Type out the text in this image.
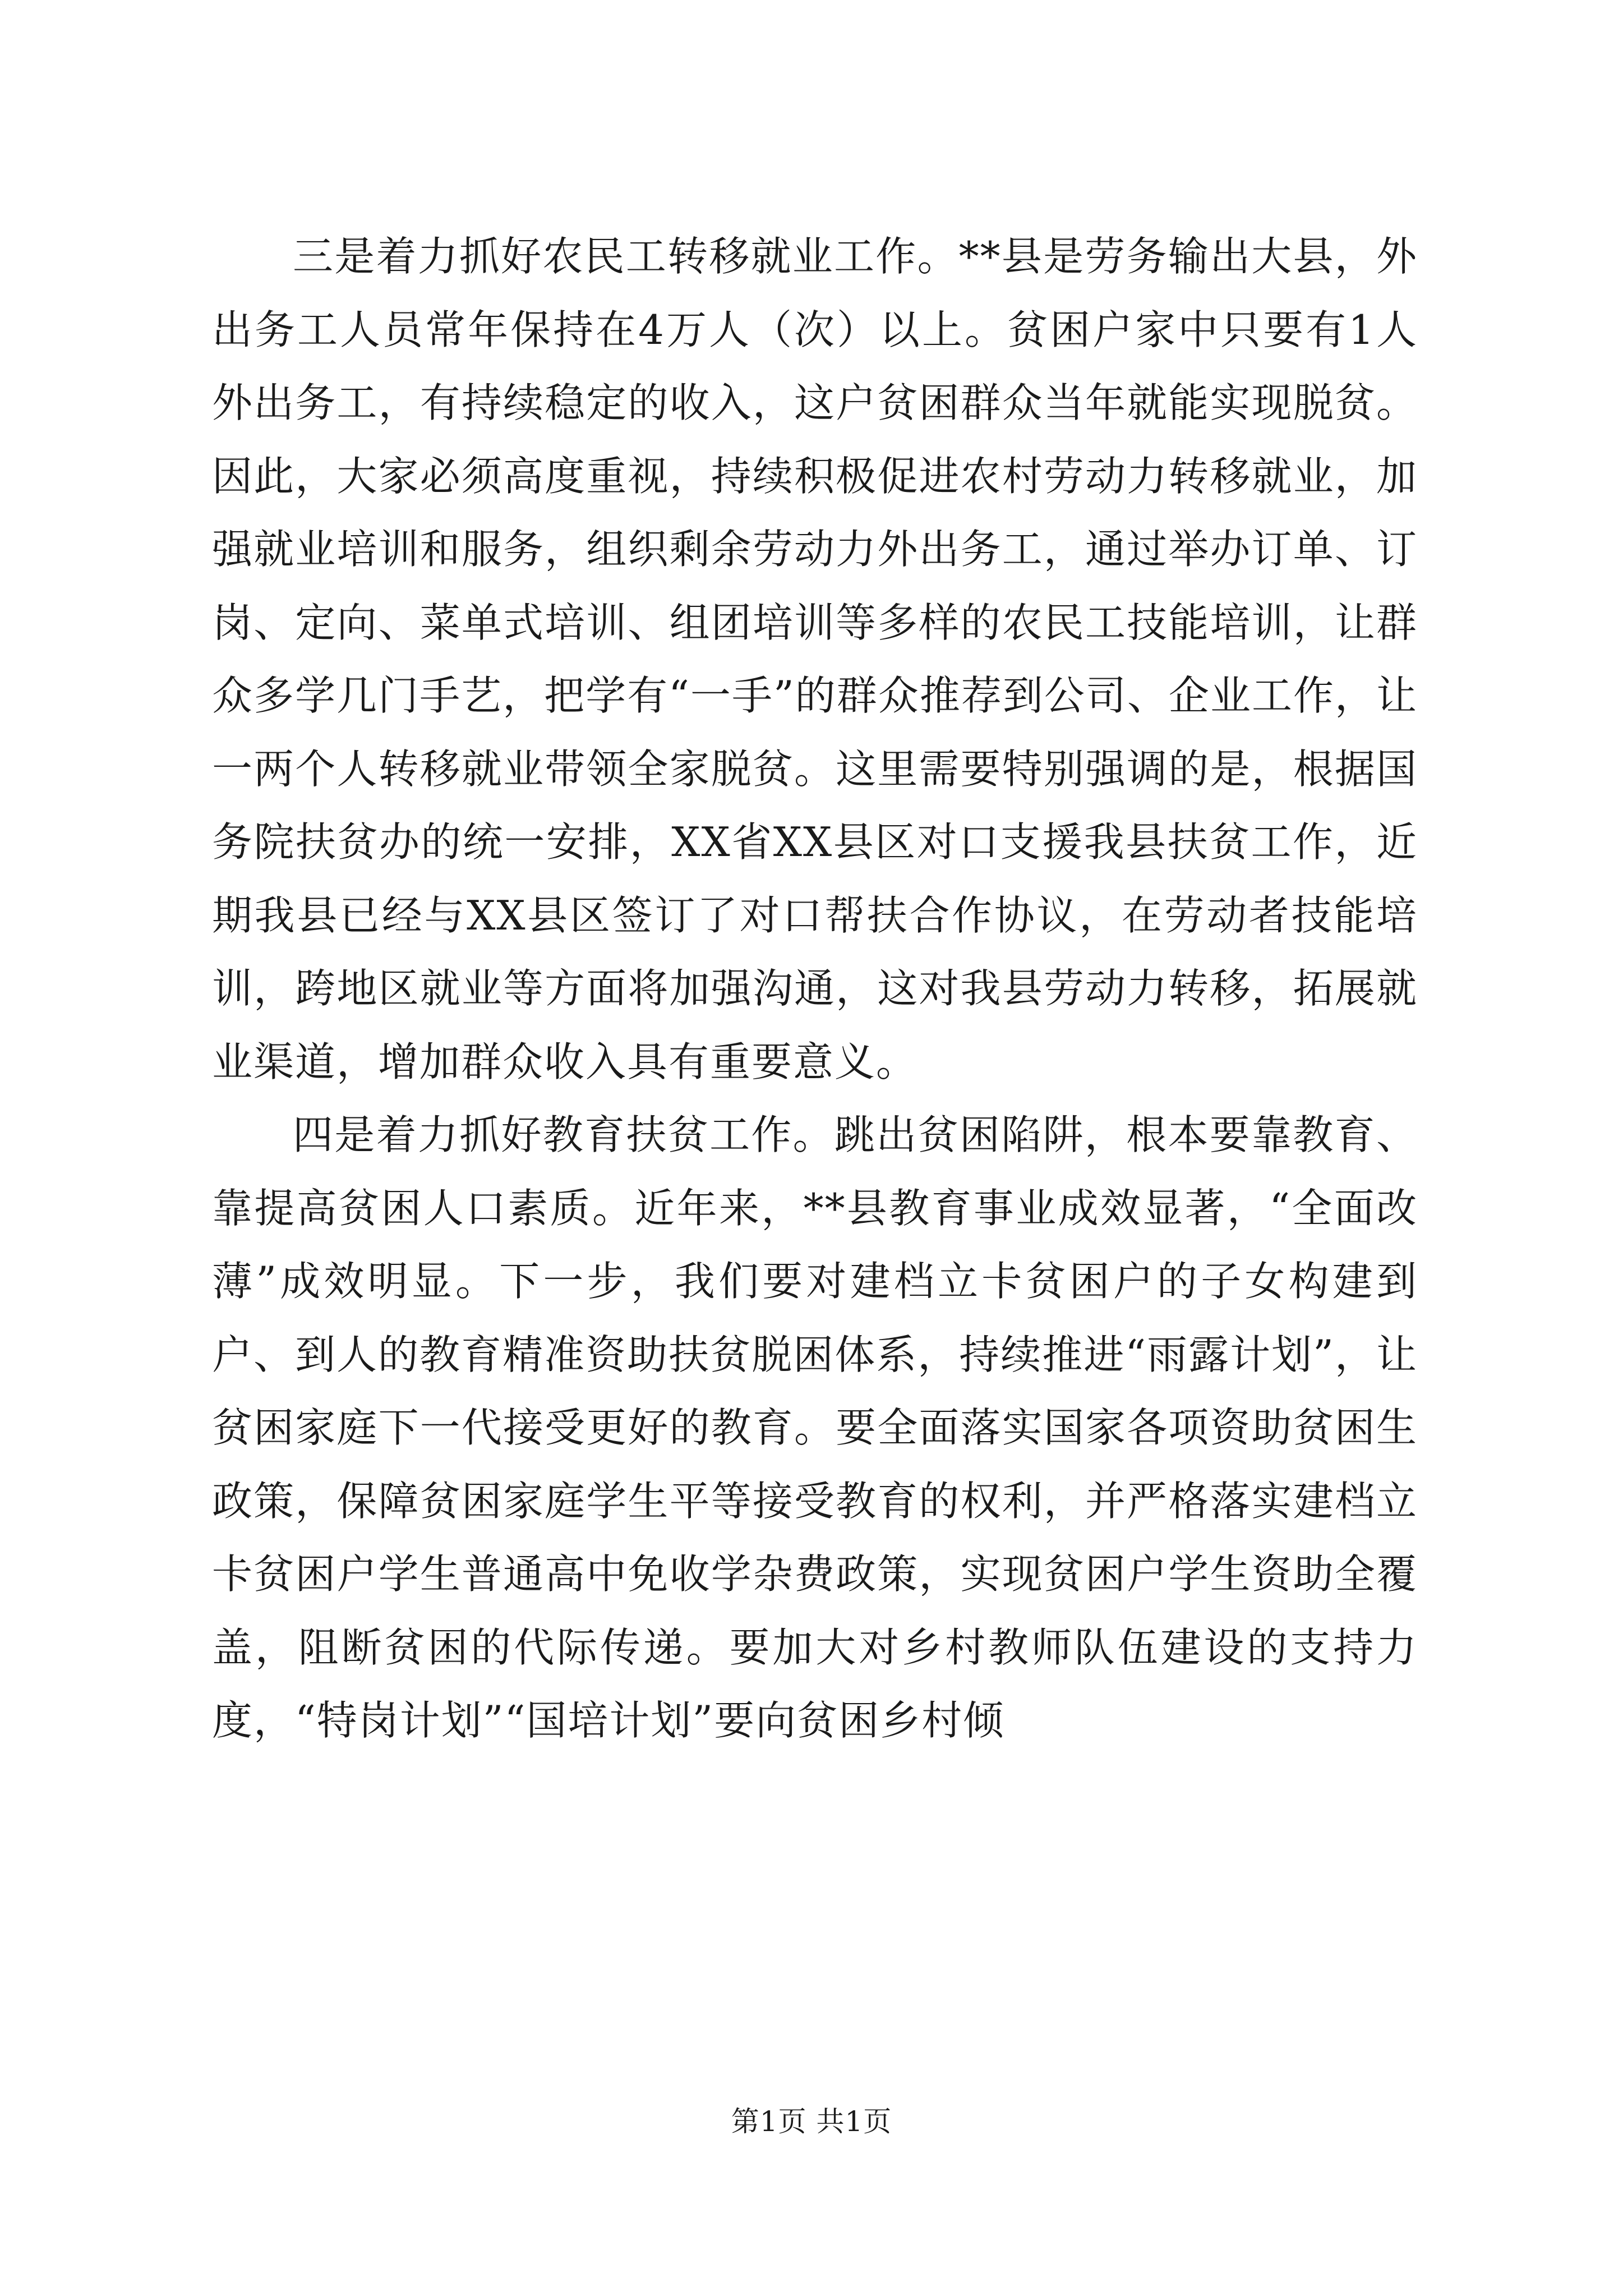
三是着力抓好农民工转移就业工作。**县是劳务输出大县，外出务工人员常年保持在4万人（次）以上。贫困户家中只要有1人外出务工，有持续稳定的收入，这户贫困群众当年就能实现脱贫。因此，大家必须高度重视，持续积极促进农村劳动力转移就业，加强就业培训和服务，组织剩余劳动力外出务工，通过举办订单、订岗、定向、菜单式培训、组团培训等多样的农民工技能培训，让群众多学几门手艺，把学有“一手”的群众推荐到公司、企业工作，让一两个人转移就业带领全家脱贫。这里需要特别强调的是，根据国务院扶贫办的统一安排，XX省XX县区对口支援我县扶贫工作，近期我县已经与XX县区签订了对口帮扶合作协议，在劳动者技能培训，跨地区就业等方面将加强沟通，这对我县劳动力转移，拓展就业渠道，增加群众收入具有重要意义。

四是着力抓好教育扶贫工作。跳出贫困陷阱，根本要靠教育、靠提高贫困人口素质。近年来，**县教育事业成效显著，“全面改薄”成效明显。下一步，我们要对建档立卡贫困户的子女构建到户、到人的教育精准资助扶贫脱困体系，持续推进“雨露计划”，让贫困家庭下一代接受更好的教育。要全面落实国家各项资助贫困生政策，保障贫困家庭学生平等接受教育的权利，并严格落实建档立卡贫困户学生普通高中免收学杂费政策，实现贫困户学生资助全覆盖，阻断贫困的代际传递。要加大对乡村教师队伍建设的支持力度，“特岗计划”“国培计划”要向贫困乡村倾

第1页 共1页
